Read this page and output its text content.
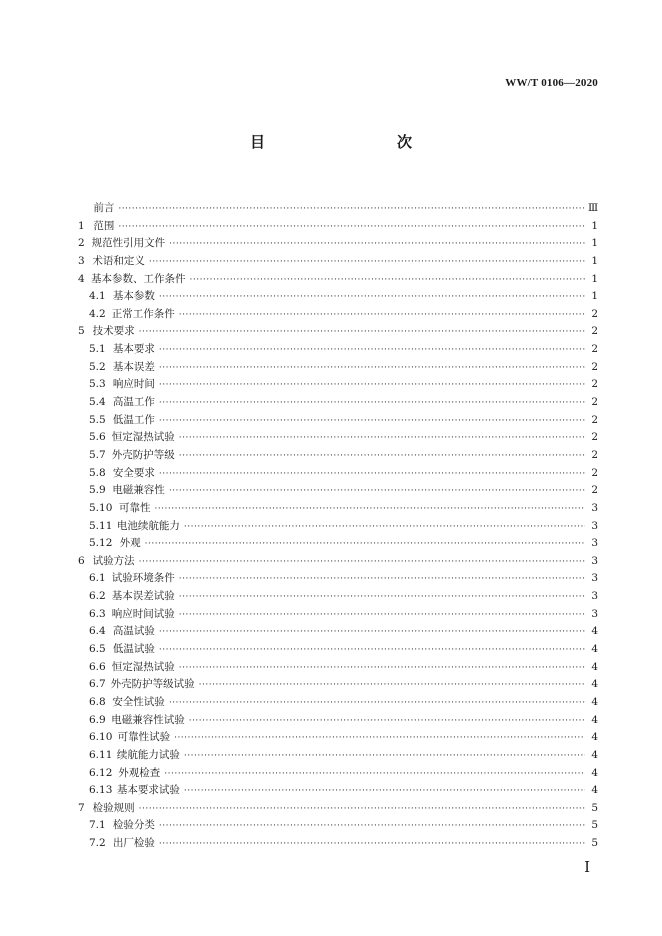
WW/T 0106—2020
目　　次
前言 ·····	Ⅲ
1 范围 ·····	1
2 规范性引用文件 ·····	1
3 术语和定义 ·····	1
4 基本参数、工作条件 ·····	1
4.1 基本参数 ·····	1
4.2 正常工作条件 ·····	2
5 技术要求 ·····	2
5.1 基本要求 ·····	2
5.2 基本误差 ·····	2
5.3 响应时间 ·····	2
5.4 高温工作 ·····	2
5.5 低温工作 ·····	2
5.6 恒定湿热试验 ·····	2
5.7 外壳防护等级 ·····	2
5.8 安全要求 ·····	2
5.9 电磁兼容性 ·····	2
5.10 可靠性 ·····	3
5.11 电池续航能力 ·····	3
5.12 外观 ·····	3
6 试验方法 ·····	3
6.1 试验环境条件 ·····	3
6.2 基本误差试验 ·····	3
6.3 响应时间试验 ·····	3
6.4 高温试验 ·····	4
6.5 低温试验 ·····	4
6.6 恒定湿热试验 ·····	4
6.7 外壳防护等级试验 ·····	4
6.8 安全性试验 ·····	4
6.9 电磁兼容性试验 ·····	4
6.10 可靠性试验 ·····	4
6.11 续航能力试验 ·····	4
6.12 外观检查 ·····	4
6.13 基本要求试验 ·····	4
7 检验规则 ·····	5
7.1 检验分类 ·····	5
7.2 出厂检验 ·····	5
Ⅰ
